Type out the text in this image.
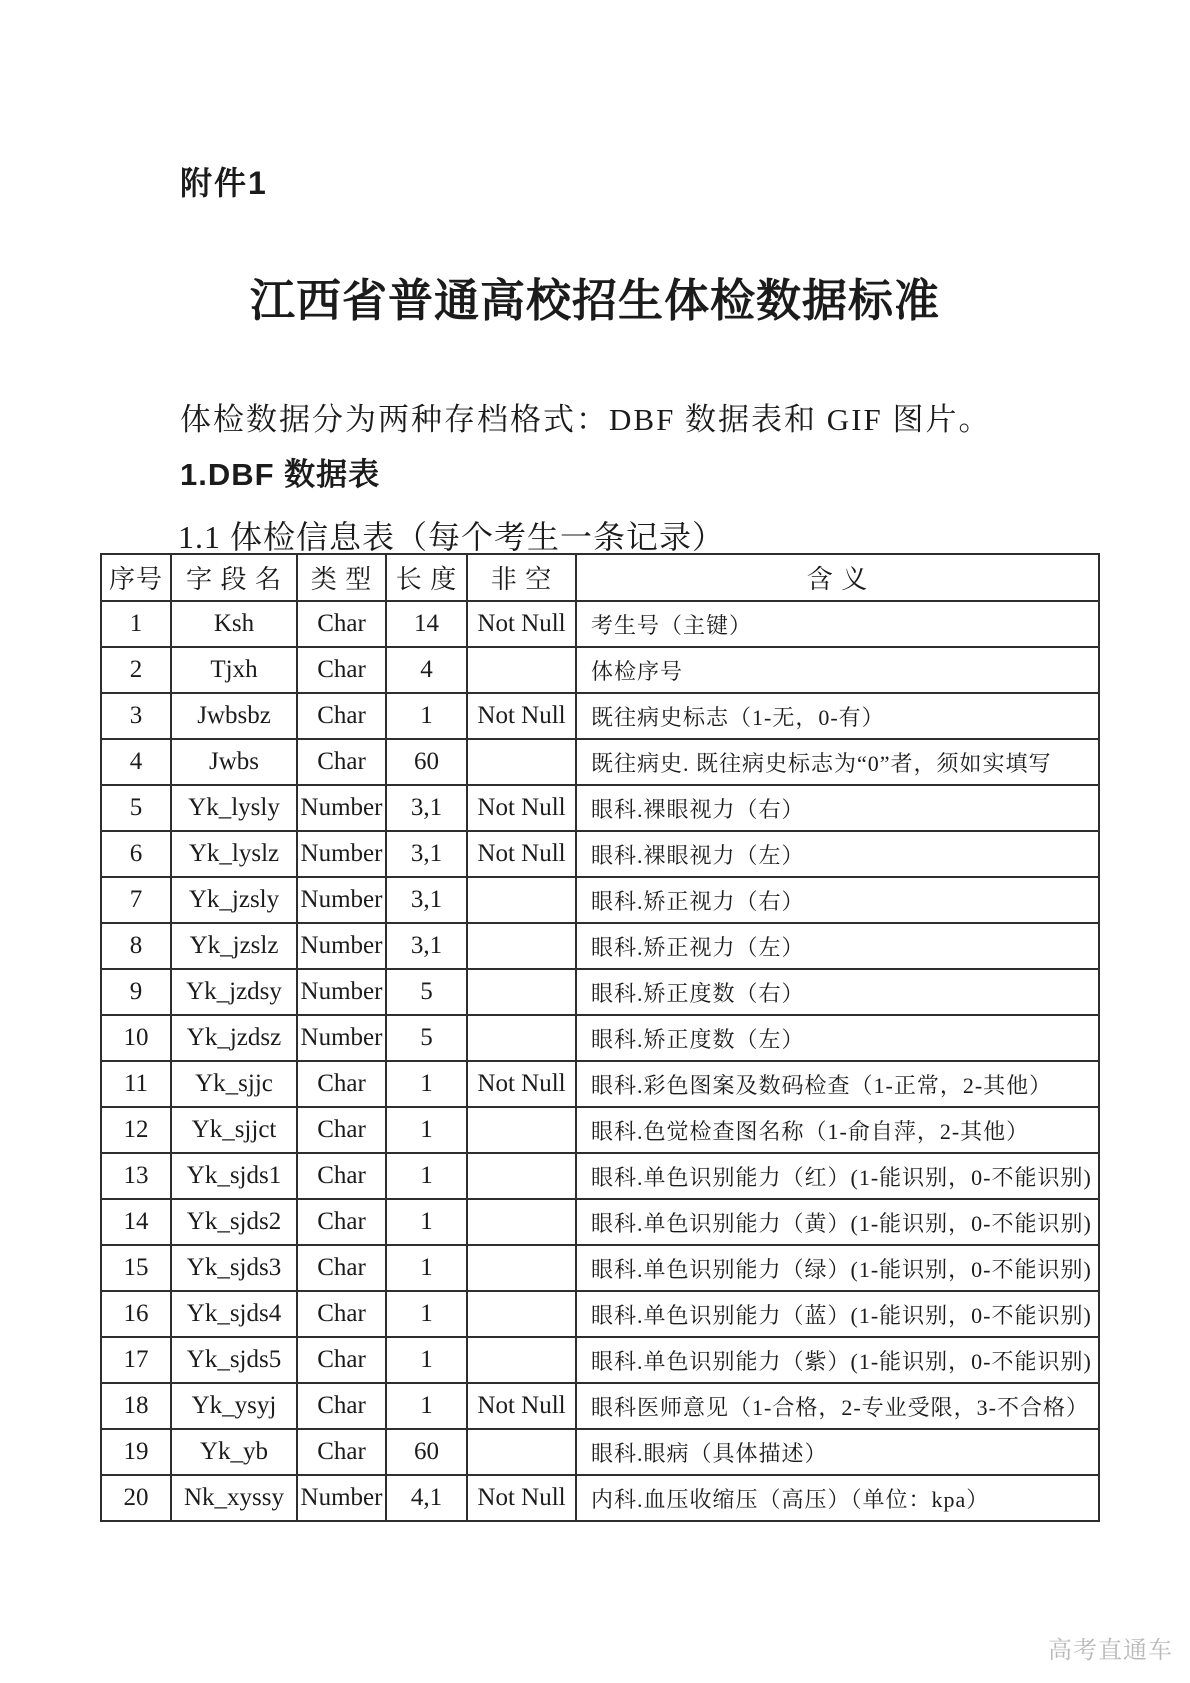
附件1
江西省普通高校招生体检数据标准

体检数据分为两种存档格式：DBF 数据表和 GIF 图片。

1.DBF 数据表
1.1 体检信息表（每个考生一条记录）
序号	字 段 名	类 型	长 度	非 空	含 义
1	Ksh	Char	14	Not Null	考生号（主键）
2	Tjxh	Char	4		体检序号
3	Jwbsbz	Char	1	Not Null	既往病史标志（1-无，0-有）
4	Jwbs	Char	60		既往病史. 既往病史标志为“0”者，须如实填写
5	Yk_lysly	Number	3,1	Not Null	眼科.裸眼视力（右）
6	Yk_lyslz	Number	3,1	Not Null	眼科.裸眼视力（左）
7	Yk_jzsly	Number	3,1		眼科.矫正视力（右）
8	Yk_jzslz	Number	3,1		眼科.矫正视力（左）
9	Yk_jzdsy	Number	5		眼科.矫正度数（右）
10	Yk_jzdsz	Number	5		眼科.矫正度数（左）
11	Yk_sjjc	Char	1	Not Null	眼科.彩色图案及数码检查（1-正常，2-其他）
12	Yk_sjjct	Char	1		眼科.色觉检查图名称（1-俞自萍，2-其他）
13	Yk_sjds1	Char	1		眼科.单色识别能力（红）(1-能识别，0-不能识别)
14	Yk_sjds2	Char	1		眼科.单色识别能力（黄）(1-能识别，0-不能识别)
15	Yk_sjds3	Char	1		眼科.单色识别能力（绿）(1-能识别，0-不能识别)
16	Yk_sjds4	Char	1		眼科.单色识别能力（蓝）(1-能识别，0-不能识别)
17	Yk_sjds5	Char	1		眼科.单色识别能力（紫）(1-能识别，0-不能识别)
18	Yk_ysyj	Char	1	Not Null	眼科医师意见（1-合格，2-专业受限，3-不合格）
19	Yk_yb	Char	60		眼科.眼病（具体描述）
20	Nk_xyssy	Number	4,1	Not Null	内科.血压收缩压（高压）（单位：kpa）
高考直通车
